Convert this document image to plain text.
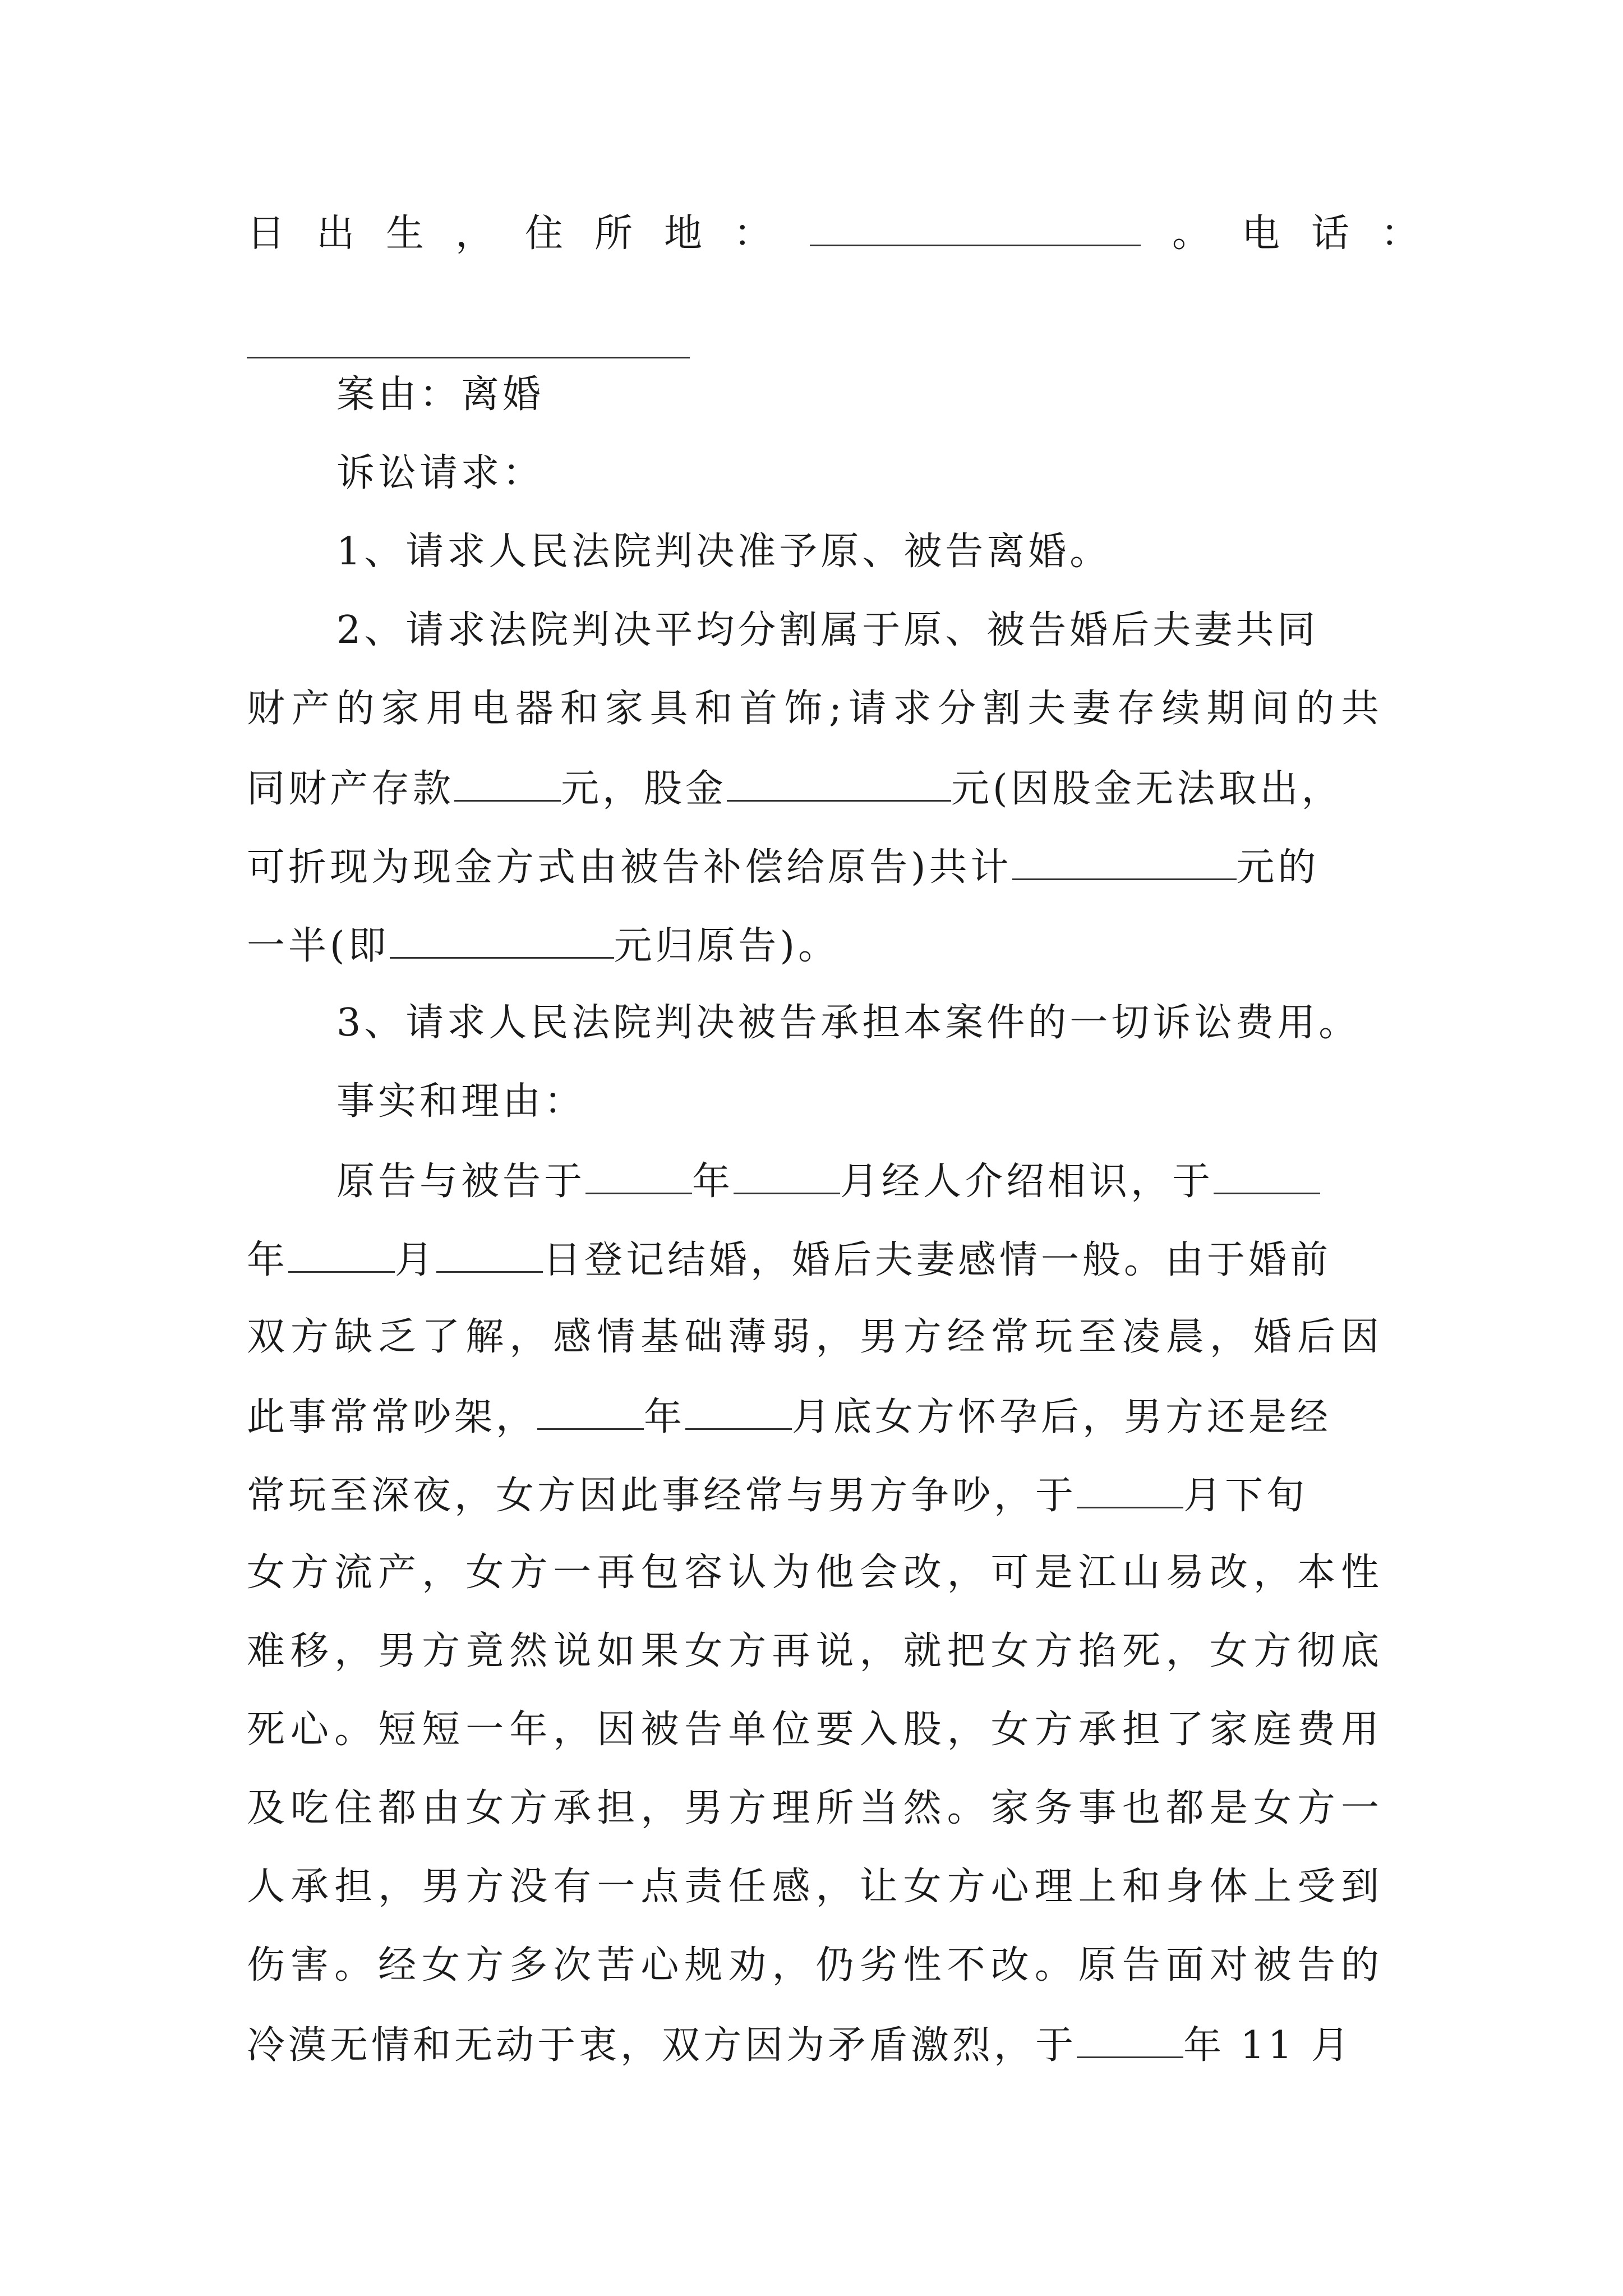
日出生，住所地：	。电话：
案由：离婚
诉讼请求：
1、请求人民法院判决准予原、被告离婚。
2、请求法院判决平均分割属于原、被告婚后夫妻共同
财产的家用电器和家具和首饰;请求分割夫妻存续期间的共
同财产存款	元，股金	元(因股金无法取出，
可折现为现金方式由被告补偿给原告)共计	元的
一半(即	元归原告)。
3、请求人民法院判决被告承担本案件的一切诉讼费用。
事实和理由：
原告与被告于	年	月经人介绍相识，于
年	月	日登记结婚，婚后夫妻感情一般。由于婚前
双方缺乏了解，感情基础薄弱，男方经常玩至凌晨，婚后因
此事常常吵架，	年	月底女方怀孕后，男方还是经
常玩至深夜，女方因此事经常与男方争吵，于	月下旬
女方流产，女方一再包容认为他会改，可是江山易改，本性
难移，男方竟然说如果女方再说，就把女方掐死，女方彻底
死心。短短一年，因被告单位要入股，女方承担了家庭费用
及吃住都由女方承担，男方理所当然。家务事也都是女方一
人承担，男方没有一点责任感，让女方心理上和身体上受到
伤害。经女方多次苦心规劝，仍劣性不改。原告面对被告的
冷漠无情和无动于衷，双方因为矛盾激烈，于	年 11 月
